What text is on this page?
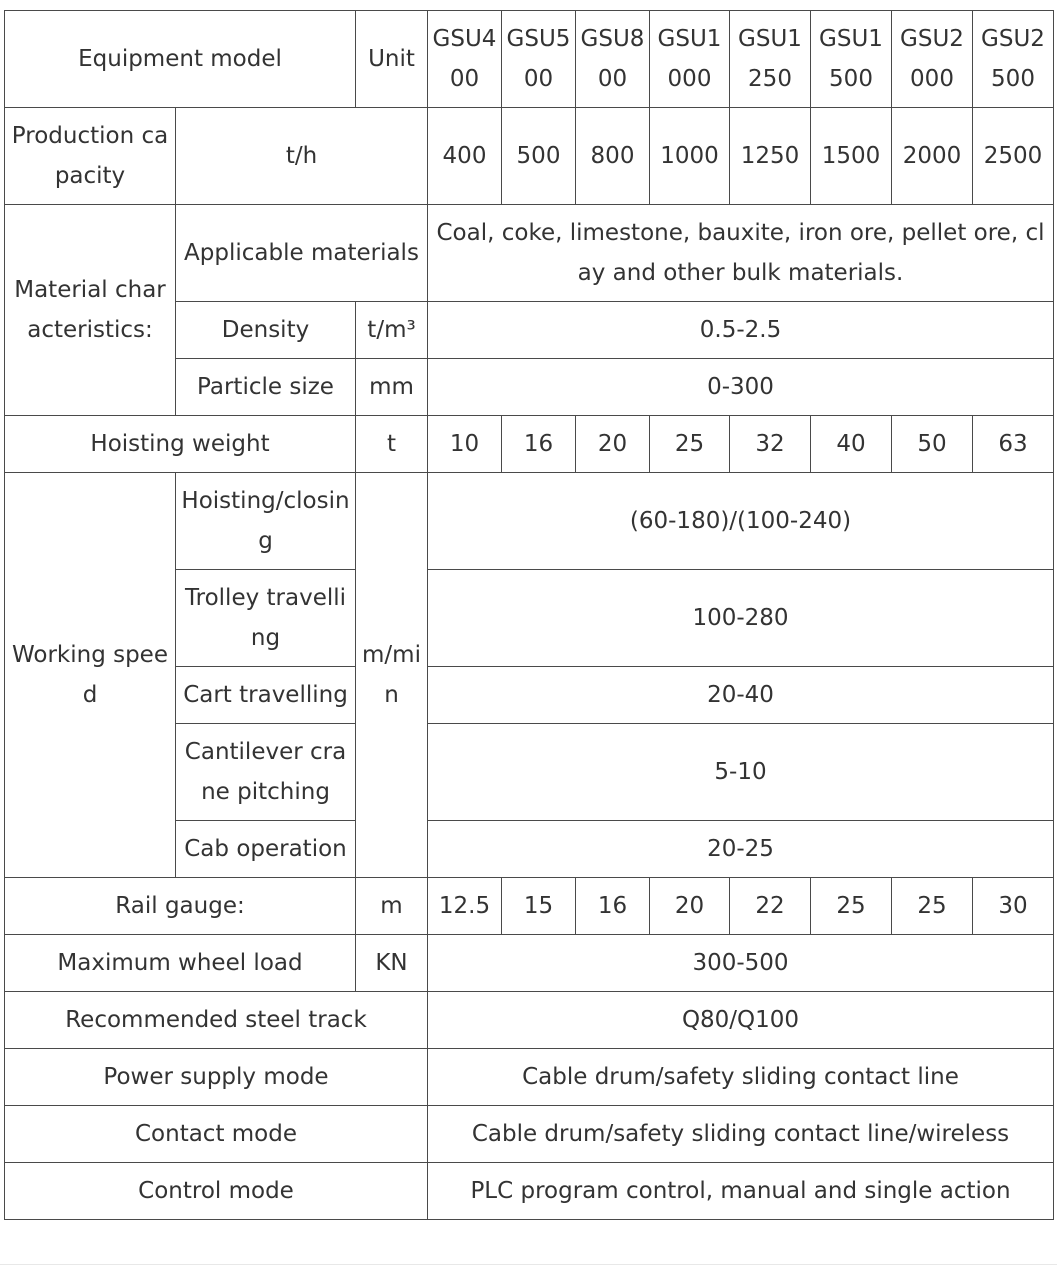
Equipment model		Unit	GSU400	GSU500	GSU800	GSU1000	GSU1250	GSU1500	GSU2000	GSU2500
Production capacity	t/h		400	500	800	1000	1250	1500	2000	2500
Material characteristics:	Applicable materials		Coal, coke, limestone, bauxite, iron ore, pellet ore, clay and other bulk materials.							
	Density	t/m³	0.5-2.5							
	Particle size	mm	0-300							
Hoisting weight		t	10	16	20	25	32	40	50	63
Working speed	Hoisting/closing	m/min	(60-180)/(100-240)							
	Trolley travelling		100-280							
	Cart travelling		20-40							
	Cantilever crane pitching		5-10							
	Cab operation		20-25							
Rail gauge:		m	12.5	15	16	20	22	25	25	30
Maximum wheel load		KN	300-500							
Recommended steel track			Q80/Q100							
Power supply mode			Cable drum/safety sliding contact line							
Contact mode			Cable drum/safety sliding contact line/wireless							
Control mode			PLC program control, manual and single action							
